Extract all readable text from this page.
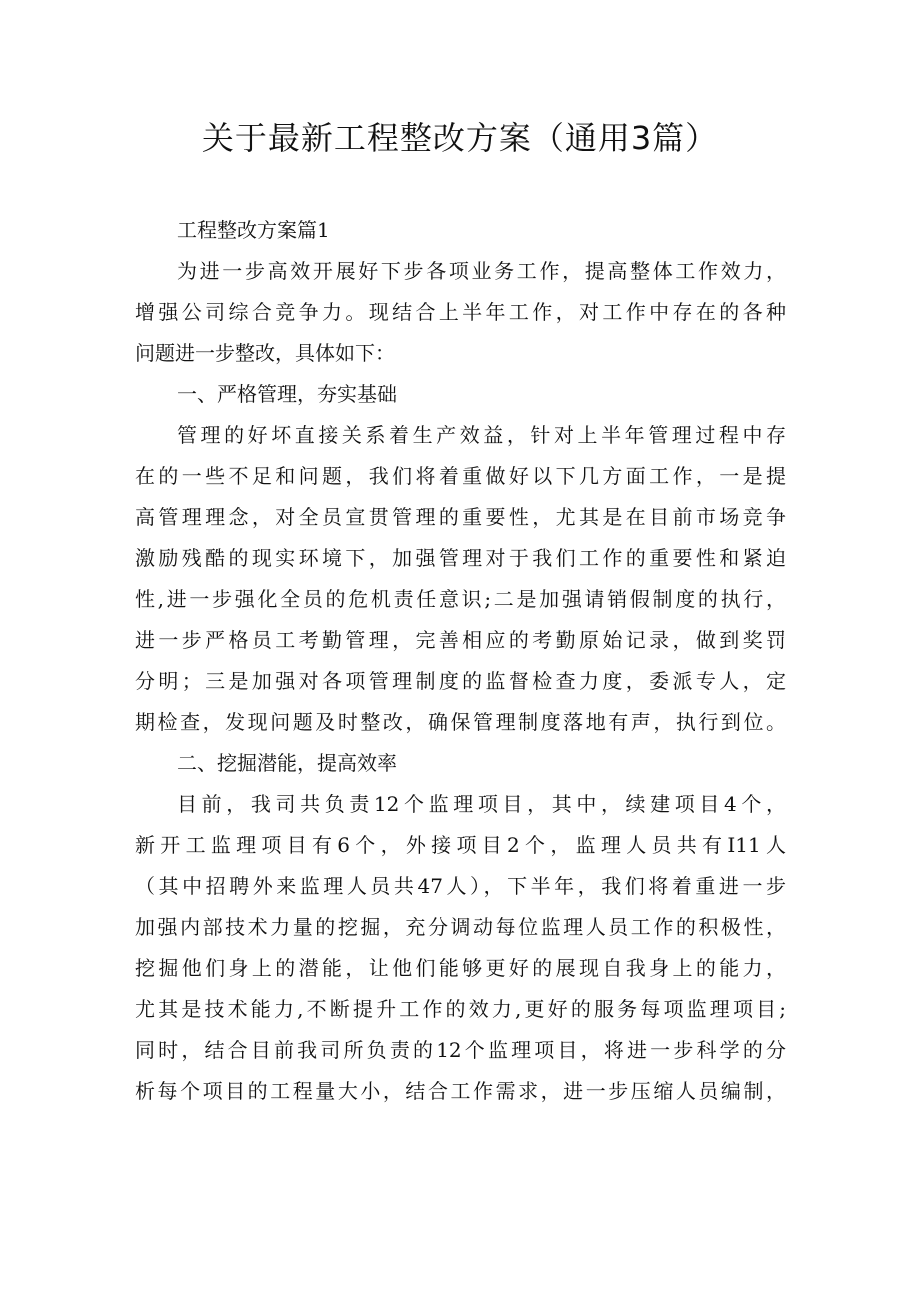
关于最新工程整改方案（通用3篇）
工程整改方案篇1
为进一步高效开展好下步各项业务工作，提高整体工作效力，
增强公司综合竞争力。现结合上半年工作，对工作中存在的各种
问题进一步整改，具体如下：
一、严格管理，夯实基础
管理的好坏直接关系着生产效益，针对上半年管理过程中存
在的一些不足和问题，我们将着重做好以下几方面工作，一是提
高管理理念，对全员宣贯管理的重要性，尤其是在目前市场竞争
激励残酷的现实环境下，加强管理对于我们工作的重要性和紧迫
性,进一步强化全员的危机责任意识;二是加强请销假制度的执行，
进一步严格员工考勤管理，完善相应的考勤原始记录，做到奖罚
分明；三是加强对各项管理制度的监督检查力度，委派专人，定
期检查，发现问题及时整改，确保管理制度落地有声，执行到位。
二、挖掘潜能，提高效率
目前，我司共负责12个监理项目，其中，续建项目4个，
新开工监理项目有6个，外接项目2个，监理人员共有I11人
（其中招聘外来监理人员共47人），下半年，我们将着重进一步
加强内部技术力量的挖掘，充分调动每位监理人员工作的积极性，
挖掘他们身上的潜能，让他们能够更好的展现自我身上的能力，
尤其是技术能力,不断提升工作的效力,更好的服务每项监理项目;
同时，结合目前我司所负责的12个监理项目，将进一步科学的分
析每个项目的工程量大小，结合工作需求，进一步压缩人员编制，
